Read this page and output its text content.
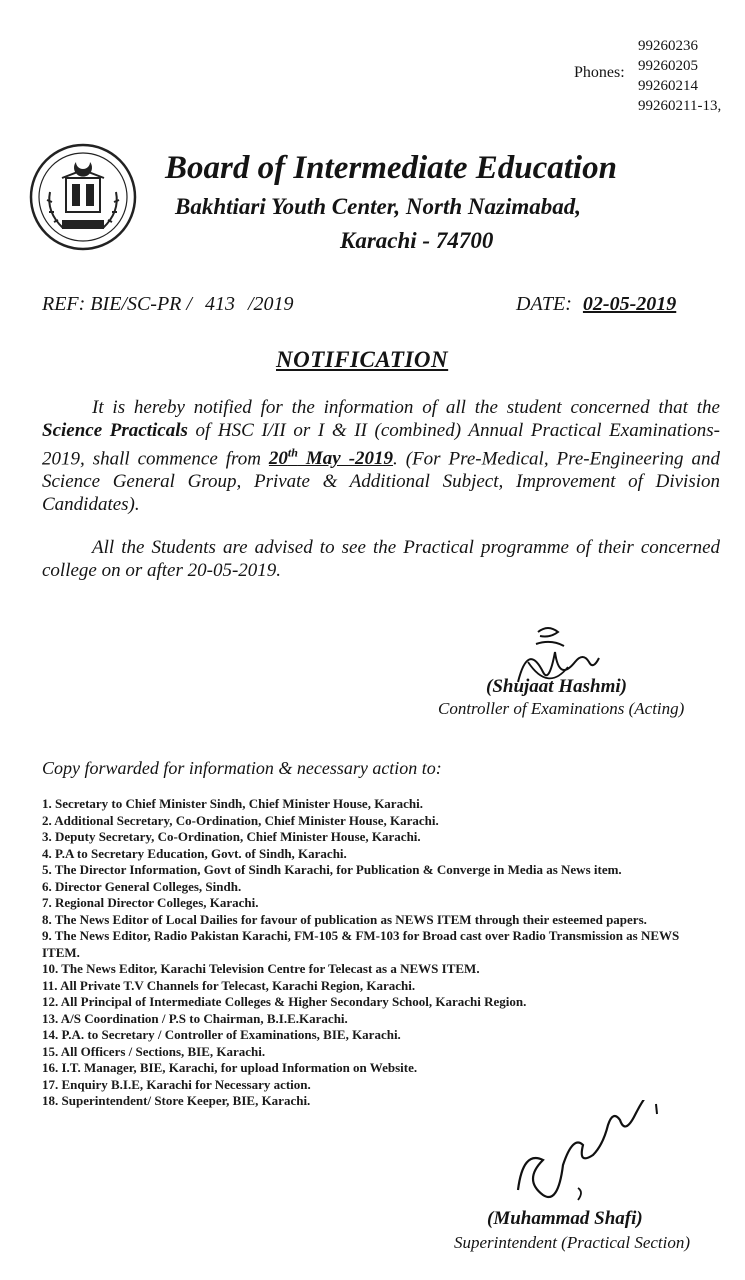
Phones:
99260236
99260205
99260214
99260211-13,
Board of Intermediate Education
Bakhtiari Youth Center, North Nazimabad,
Karachi - 74700
REF: BIE/SC-PR / 413 /2019	DATE: 02-05-2019
NOTIFICATION
It is hereby notified for the information of all the student concerned that the Science Practicals of HSC I/II or I & II (combined) Annual Practical Examinations-2019, shall commence from 20th May -2019. (For Pre-Medical, Pre-Engineering and Science General Group, Private & Additional Subject, Improvement of Division Candidates).
All the Students are advised to see the Practical programme of their concerned college on or after 20-05-2019.
(Shujaat Hashmi)
Controller of Examinations (Acting)
Copy forwarded for information & necessary action to:
1. Secretary to Chief Minister Sindh, Chief Minister House, Karachi.
2. Additional Secretary, Co-Ordination, Chief Minister House, Karachi.
3. Deputy Secretary, Co-Ordination, Chief Minister House, Karachi.
4. P.A to Secretary Education, Govt. of Sindh, Karachi.
5. The Director Information, Govt of Sindh Karachi, for Publication & Converge in Media as News item.
6. Director General Colleges, Sindh.
7. Regional Director Colleges, Karachi.
8. The News Editor of Local Dailies for favour of publication as NEWS ITEM through their esteemed papers.
9. The News Editor, Radio Pakistan Karachi, FM-105 & FM-103 for Broad cast over Radio Transmission as NEWS ITEM.
10. The News Editor, Karachi Television Centre for Telecast as a NEWS ITEM.
11. All Private T.V Channels for Telecast, Karachi Region, Karachi.
12. All Principal of Intermediate Colleges & Higher Secondary School, Karachi Region.
13. A/S Coordination / P.S to Chairman, B.I.E.Karachi.
14. P.A. to Secretary / Controller of Examinations, BIE, Karachi.
15. All Officers / Sections, BIE, Karachi.
16. I.T. Manager, BIE, Karachi, for upload Information on Website.
17. Enquiry B.I.E, Karachi for Necessary action.
18. Superintendent/ Store Keeper, BIE, Karachi.
(Muhammad Shafi)
Superintendent (Practical Section)
